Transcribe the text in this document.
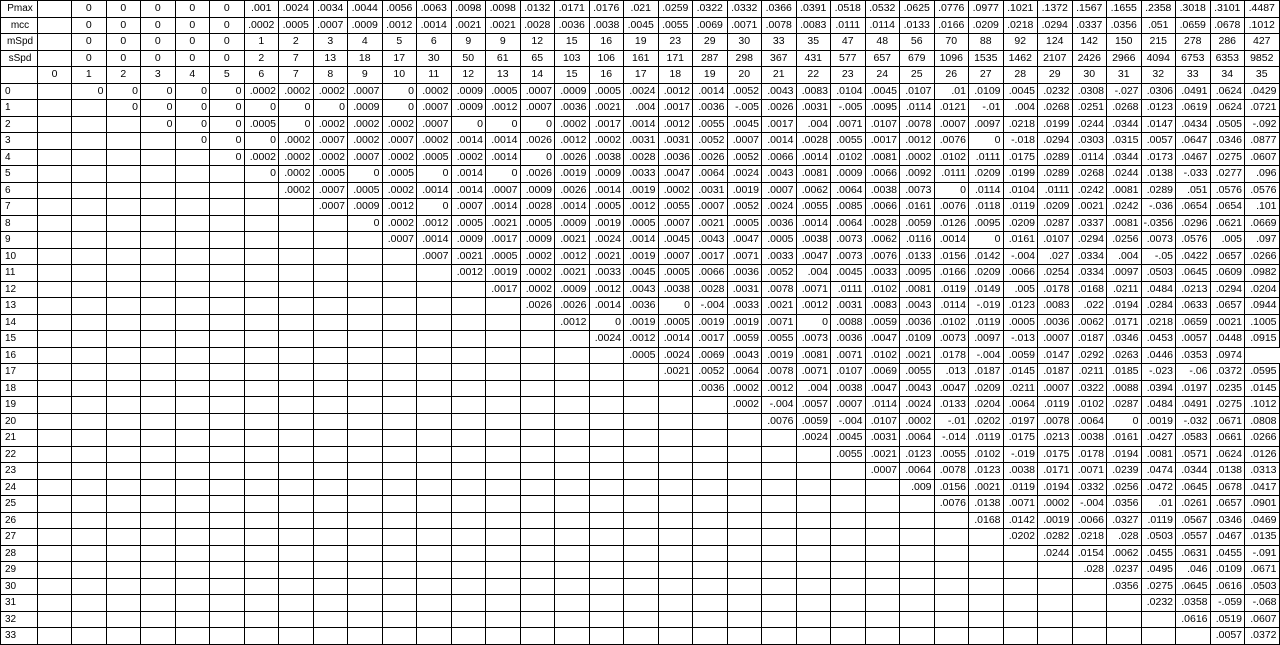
Pmax		0	0	0	0	0	.001	.0024	.0034	.0044	.0056	.0063	.0098	.0098	.0132	.0171	.0176	.021	.0259	.0322	.0332	.0366	.0391	.0518	.0532	.0625	.0776	.0977	.1021	.1372	.1567	.1655	.2358	.3018	.3101	.4487	
mcc		0	0	0	0	0	.0002	.0005	.0007	.0009	.0012	.0014	.0021	.0021	.0028	.0036	.0038	.0045	.0055	.0069	.0071	.0078	.0083	.0111	.0114	.0133	.0166	.0209	.0218	.0294	.0337	.0356	.051	.0659	.0678	.1012	
mSpd		0	0	0	0	0	1	2	3	4	5	6	9	9	12	15	16	19	23	29	30	33	35	47	48	56	70	88	92	124	142	150	215	278	286	427	
sSpd		0	0	0	0	0	2	7	13	18	17	30	50	61	65	103	106	161	171	287	298	367	431	577	657	679	1096	1535	1462	2107	2426	2966	4094	6753	6353	9852	
	0	1	2	3	4	5	6	7	8	9	10	11	12	13	14	15	16	17	18	19	20	21	22	23	24	25	26	27	28	29	30	31	32	33	34	35	
0		0	0	0	0	0	.0002	.0002	.0002	.0007	0	.0002	.0009	.0005	.0007	.0009	.0005	.0024	.0012	.0014	.0052	.0043	.0083	.0104	.0045	.0107	.01	.0109	.0045	.0232	.0308	-.027	.0306	.0491	.0624	.0429	
1			0	0	0	0	0	0	0	.0009	0	.0007	.0009	.0012	.0007	.0036	.0021	.004	.0017	.0036	-.005	.0026	.0031	-.005	.0095	.0114	.0121	-.01	.004	.0268	.0251	.0268	.0123	.0619	.0624	.0721	
2				0	0	0	.0005	0	.0002	.0002	.0002	.0007	0	0	0	.0002	.0017	.0014	.0012	.0055	.0045	.0017	.004	.0071	.0107	.0078	.0007	.0097	.0218	.0199	.0244	.0344	.0147	.0434	.0505	-.092	
3					0	0	0	.0002	.0007	.0002	.0007	.0002	.0014	.0014	.0026	.0012	.0002	.0031	.0031	.0052	.0007	.0014	.0028	.0055	.0017	.0012	.0076	0	-.018	.0294	.0303	.0315	.0057	.0647	.0346	.0877	
4						0	.0002	.0002	.0002	.0007	.0002	.0005	.0002	.0014	0	.0026	.0038	.0028	.0036	.0026	.0052	.0066	.0014	.0102	.0081	.0002	.0102	.0111	.0175	.0289	.0114	.0344	.0173	.0467	.0275	.0607	
5							0	.0002	.0005	0	.0005	0	.0014	0	.0026	.0019	.0009	.0033	.0047	.0064	.0024	.0043	.0081	.0009	.0066	.0092	.0111	.0209	.0199	.0289	.0268	.0244	.0138	-.033	.0277	.096	
6								.0002	.0007	.0005	.0002	.0014	.0014	.0007	.0009	.0026	.0014	.0019	.0002	.0031	.0019	.0007	.0062	.0064	.0038	.0073	0	.0114	.0104	.0111	.0242	.0081	.0289	.051	.0576	.0576	
7									.0007	.0009	.0012	0	.0007	.0014	.0028	.0014	.0005	.0012	.0055	.0007	.0052	.0024	.0055	.0085	.0066	.0161	.0076	.0118	.0119	.0209	.0021	.0242	-.036	.0654	.0654	.101	
8										0	.0002	.0012	.0005	.0021	.0005	.0009	.0019	.0005	.0007	.0021	.0005	.0036	.0014	.0064	.0028	.0059	.0126	.0095	.0209	.0287	.0337	.0081	-.0356	.0296	.0621	.0669	
9											.0007	.0014	.0009	.0017	.0009	.0021	.0024	.0014	.0045	.0043	.0047	.0005	.0038	.0073	.0062	.0116	.0014	0	.0161	.0107	.0294	.0256	.0073	.0576	.005	.097	
10												.0007	.0021	.0005	.0002	.0012	.0021	.0019	.0007	.0017	.0071	.0033	.0047	.0073	.0076	.0133	.0156	.0142	-.004	.027	.0334	.004	-.05	.0422	.0657	.0266	
11													.0012	.0019	.0002	.0021	.0033	.0045	.0005	.0066	.0036	.0052	.004	.0045	.0033	.0095	.0166	.0209	.0066	.0254	.0334	.0097	.0503	.0645	.0609	.0982	
12														.0017	.0002	.0009	.0012	.0043	.0038	.0028	.0031	.0078	.0071	.0111	.0102	.0081	.0119	.0149	.005	.0178	.0168	.0211	.0484	.0213	.0294	.0204	
13															.0026	.0026	.0014	.0036	0	-.004	.0033	.0021	.0012	.0031	.0083	.0043	.0114	-.019	.0123	.0083	.022	.0194	.0284	.0633	.0657	.0944	
14																.0012	0	.0019	.0005	.0019	.0019	.0071	0	.0088	.0059	.0036	.0102	.0119	.0005	.0036	.0062	.0171	.0218	.0659	.0021	.1005	
15																	.0024	.0012	.0014	.0017	.0059	.0055	.0073	.0036	.0047	.0109	.0073	.0097	-.013	.0007	.0187	.0346	.0453	.0057	.0448	.0915	
16																		.0005	.0024	.0069	.0043	.0019	.0081	.0071	.0102	.0021	.0178	-.004	.0059	.0147	.0292	.0263	.0446	.0353	.0974		
17																			.0021	.0052	.0064	.0078	.0071	.0107	.0069	.0055	.013	.0187	.0145	.0187	.0211	.0185	-.023	-.06	.0372	.0595	
18																				.0036	.0002	.0012	.004	.0038	.0047	.0043	.0047	.0209	.0211	.0007	.0322	.0088	.0394	.0197	.0235	.0145	
19																					.0002	-.004	.0057	.0007	.0114	.0024	.0133	.0204	.0064	.0119	.0102	.0287	.0484	.0491	.0275	.1012	
20																						.0076	.0059	-.004	.0107	.0002	-.01	.0202	.0197	.0078	.0064	0	.0019	-.032	.0671	.0808	
21																							.0024	.0045	.0031	.0064	-.014	.0119	.0175	.0213	.0038	.0161	.0427	.0583	.0661	.0266	
22																								.0055	.0021	.0123	.0055	.0102	-.019	.0175	.0178	.0194	.0081	.0571	.0624	.0126	
23																									.0007	.0064	.0078	.0123	.0038	.0171	.0071	.0239	.0474	.0344	.0138	.0313	
24																										.009	.0156	.0021	.0119	.0194	.0332	.0256	.0472	.0645	.0678	.0417	
25																											.0076	.0138	.0071	.0002	-.004	.0356	.01	.0261	.0657	.0901	
26																												.0168	.0142	.0019	.0066	.0327	.0119	.0567	.0346	.0469	
27																													.0202	.0282	.0218	.028	.0503	.0557	.0467	.0135	
28																														.0244	.0154	.0062	.0455	.0631	.0455	-.091	
29																															.028	.0237	.0495	.046	.0109	.0671	
30																																.0356	.0275	.0645	.0616	.0503	
31																																	.0232	.0358	-.059	-.068	
32																																		.0616	.0519	.0607	
33																																			.0057	.0372	
